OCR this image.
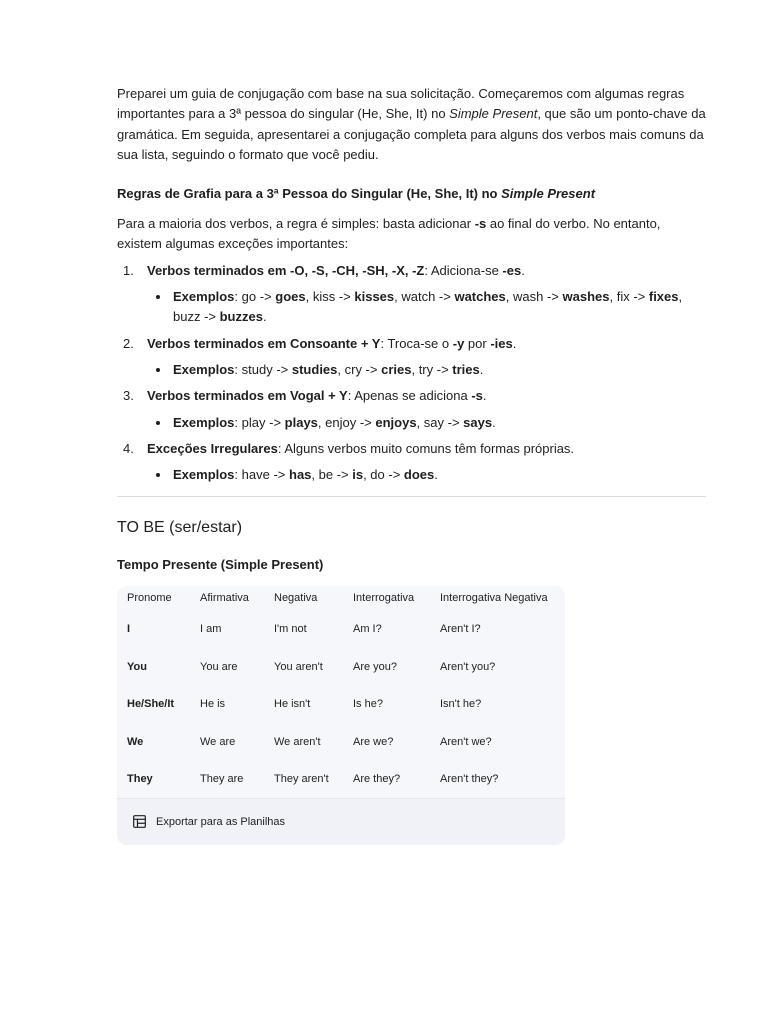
Preparei um guia de conjugação com base na sua solicitação. Começaremos com algumas regras importantes para a 3ª pessoa do singular (He, She, It) no Simple Present, que são um ponto-chave da gramática. Em seguida, apresentarei a conjugação completa para alguns dos verbos mais comuns da sua lista, seguindo o formato que você pediu.

Regras de Grafia para a 3ª Pessoa do Singular (He, She, It) no Simple Present

Para a maioria dos verbos, a regra é simples: basta adicionar -s ao final do verbo. No entanto, existem algumas exceções importantes:

1. Verbos terminados em -O, -S, -CH, -SH, -X, -Z: Adiciona-se -es.
Exemplos: go -> goes, kiss -> kisses, watch -> watches, wash -> washes, fix -> fixes, buzz -> buzzes.
2. Verbos terminados em Consoante + Y: Troca-se o -y por -ies.
Exemplos: study -> studies, cry -> cries, try -> tries.
3. Verbos terminados em Vogal + Y: Apenas se adiciona -s.
Exemplos: play -> plays, enjoy -> enjoys, say -> says.
4. Exceções Irregulares: Alguns verbos muito comuns têm formas próprias.
Exemplos: have -> has, be -> is, do -> does.
TO BE (ser/estar)
Tempo Presente (Simple Present)
Pronome	Afirmativa	Negativa	Interrogativa	Interrogativa Negativa
I	I am	I'm not	Am I?	Aren't I?
You	You are	You aren't	Are you?	Aren't you?
He/She/It	He is	He isn't	Is he?	Isn't he?
We	We are	We aren't	Are we?	Aren't we?
They	They are	They aren't	Are they?	Aren't they?
Exportar para as Planilhas
